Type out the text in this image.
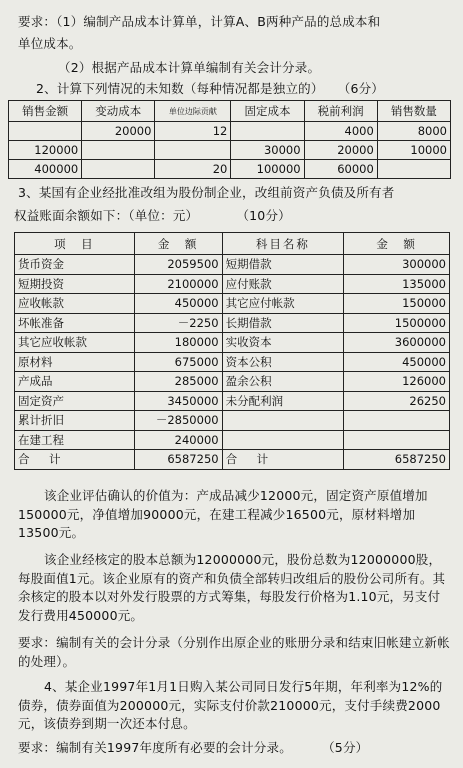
要求：（1）编制产品成本计算单，计算A、B两种产品的总成本和
单位成本。
（2）根据产品成本计算单编制有关会计分录。
2、计算下列情况的未知数（每种情况都是独立的） （6分）
销售金额	变动成本	单位边际贡献	固定成本	税前利润	销售数量
	20000	12		4000	8000
120000			30000	20000	10000
400000		20	100000	60000	
3、某国有企业经批准改组为股份制企业，改组前资产负债及所有者
权益账面余额如下：（单位：元）	（10分）
项　目	金　额	科目名称	金　额
货币资金	2059500	短期借款	300000
短期投资	2100000	应付账款	135000
应收帐款	450000	其它应付帐款	150000
坏帐准备	－2250	长期借款	1500000
其它应收帐款	180000	实收资本	3600000
原材料	675000	资本公积	450000
产成品	285000	盈余公积	126000
固定资产	3450000	未分配利润	26250
累计折旧	－2850000		
在建工程	240000		
合　计	6587250	合　计	6587250
该企业评估确认的价值为：产成品减少12000元，固定资产原值增加150000元，净值增加90000元，在建工程减少16500元，原材料增加13500元。
该企业经核定的股本总额为12000000元，股份总数为12000000股，每股面值1元。该企业原有的资产和负债全部转归改组后的股份公司所有。其余核定的股本以对外发行股票的方式筹集，每股发行价格为1.10元，另支付发行费用450000元。
要求：编制有关的会计分录（分别作出原企业的账册分录和结束旧帐建立新帐的处理）。
4、某企业1997年1月1日购入某公司同日发行5年期，年利率为12%的债券，债券面值为200000元，实际支付价款210000元，支付手续费2000元，该债券到期一次还本付息。
要求：编制有关1997年度所有必要的会计分录。 （5分）
